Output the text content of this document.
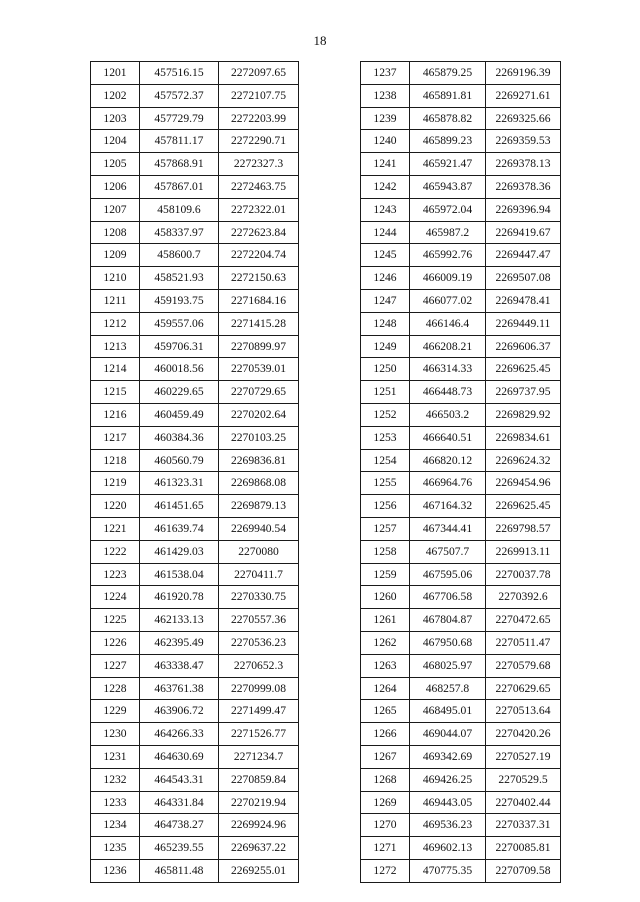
18
1201	457516.15	2272097.65
1202	457572.37	2272107.75
1203	457729.79	2272203.99
1204	457811.17	2272290.71
1205	457868.91	2272327.3
1206	457867.01	2272463.75
1207	458109.6	2272322.01
1208	458337.97	2272623.84
1209	458600.7	2272204.74
1210	458521.93	2272150.63
1211	459193.75	2271684.16
1212	459557.06	2271415.28
1213	459706.31	2270899.97
1214	460018.56	2270539.01
1215	460229.65	2270729.65
1216	460459.49	2270202.64
1217	460384.36	2270103.25
1218	460560.79	2269836.81
1219	461323.31	2269868.08
1220	461451.65	2269879.13
1221	461639.74	2269940.54
1222	461429.03	2270080
1223	461538.04	2270411.7
1224	461920.78	2270330.75
1225	462133.13	2270557.36
1226	462395.49	2270536.23
1227	463338.47	2270652.3
1228	463761.38	2270999.08
1229	463906.72	2271499.47
1230	464266.33	2271526.77
1231	464630.69	2271234.7
1232	464543.31	2270859.84
1233	464331.84	2270219.94
1234	464738.27	2269924.96
1235	465239.55	2269637.22
1236	465811.48	2269255.01
1237	465879.25	2269196.39
1238	465891.81	2269271.61
1239	465878.82	2269325.66
1240	465899.23	2269359.53
1241	465921.47	2269378.13
1242	465943.87	2269378.36
1243	465972.04	2269396.94
1244	465987.2	2269419.67
1245	465992.76	2269447.47
1246	466009.19	2269507.08
1247	466077.02	2269478.41
1248	466146.4	2269449.11
1249	466208.21	2269606.37
1250	466314.33	2269625.45
1251	466448.73	2269737.95
1252	466503.2	2269829.92
1253	466640.51	2269834.61
1254	466820.12	2269624.32
1255	466964.76	2269454.96
1256	467164.32	2269625.45
1257	467344.41	2269798.57
1258	467507.7	2269913.11
1259	467595.06	2270037.78
1260	467706.58	2270392.6
1261	467804.87	2270472.65
1262	467950.68	2270511.47
1263	468025.97	2270579.68
1264	468257.8	2270629.65
1265	468495.01	2270513.64
1266	469044.07	2270420.26
1267	469342.69	2270527.19
1268	469426.25	2270529.5
1269	469443.05	2270402.44
1270	469536.23	2270337.31
1271	469602.13	2270085.81
1272	470775.35	2270709.58
